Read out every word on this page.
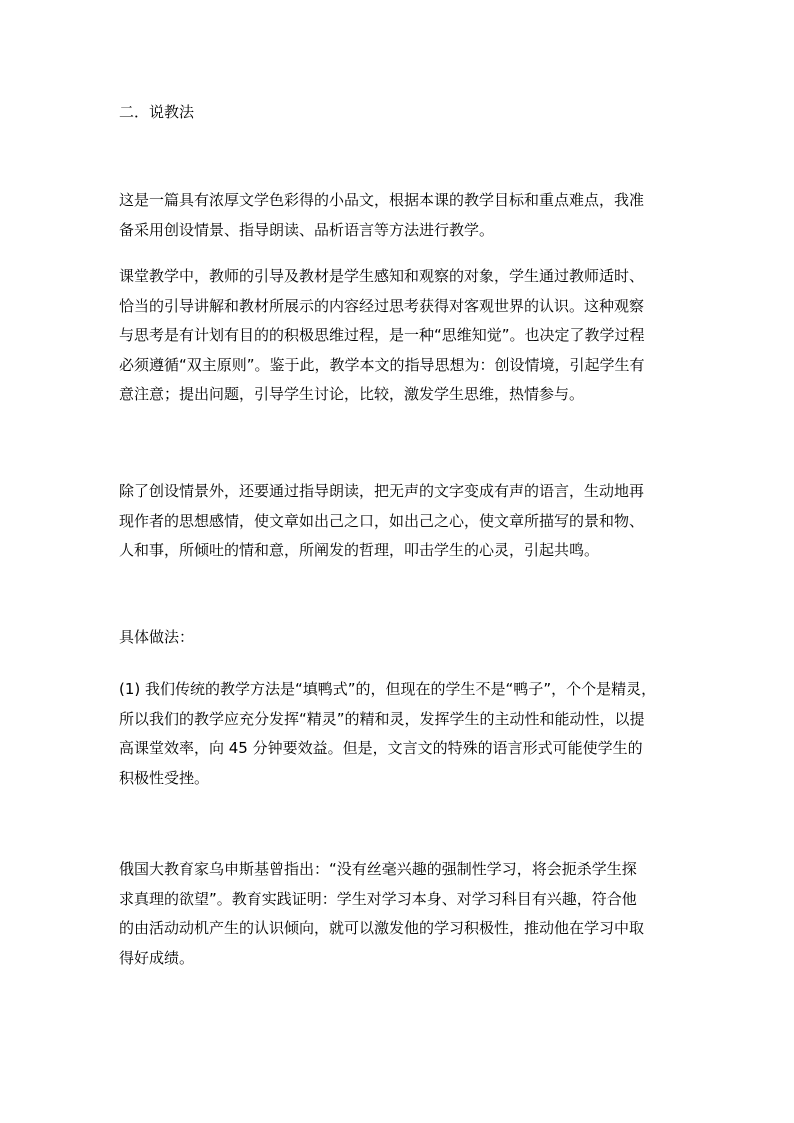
二．说教法

这是一篇具有浓厚文学色彩得的小品文，根据本课的教学目标和重点难点，我准
备采用创设情景、指导朗读、品析语言等方法进行教学。

课堂教学中，教师的引导及教材是学生感知和观察的对象，学生通过教师适时、
恰当的引导讲解和教材所展示的内容经过思考获得对客观世界的认识。这种观察
与思考是有计划有目的的积极思维过程，是一种“思维知觉”。也决定了教学过程
必须遵循“双主原则”。鉴于此，教学本文的指导思想为：创设情境，引起学生有
意注意；提出问题，引导学生讨论，比较，激发学生思维，热情参与。

除了创设情景外，还要通过指导朗读，把无声的文字变成有声的语言，生动地再
现作者的思想感情，使文章如出己之口，如出己之心，使文章所描写的景和物、
人和事，所倾吐的情和意，所阐发的哲理，叩击学生的心灵，引起共鸣。

具体做法：

(1) 我们传统的教学方法是“填鸭式”的，但现在的学生不是“鸭子”，个个是精灵，
所以我们的教学应充分发挥“精灵”的精和灵，发挥学生的主动性和能动性，以提
高课堂效率，向 45 分钟要效益。但是，文言文的特殊的语言形式可能使学生的
积极性受挫。

俄国大教育家乌申斯基曾指出：“没有丝毫兴趣的强制性学习，将会扼杀学生探
求真理的欲望”。教育实践证明：学生对学习本身、对学习科目有兴趣，符合他
的由活动动机产生的认识倾向，就可以激发他的学习积极性，推动他在学习中取
得好成绩。
